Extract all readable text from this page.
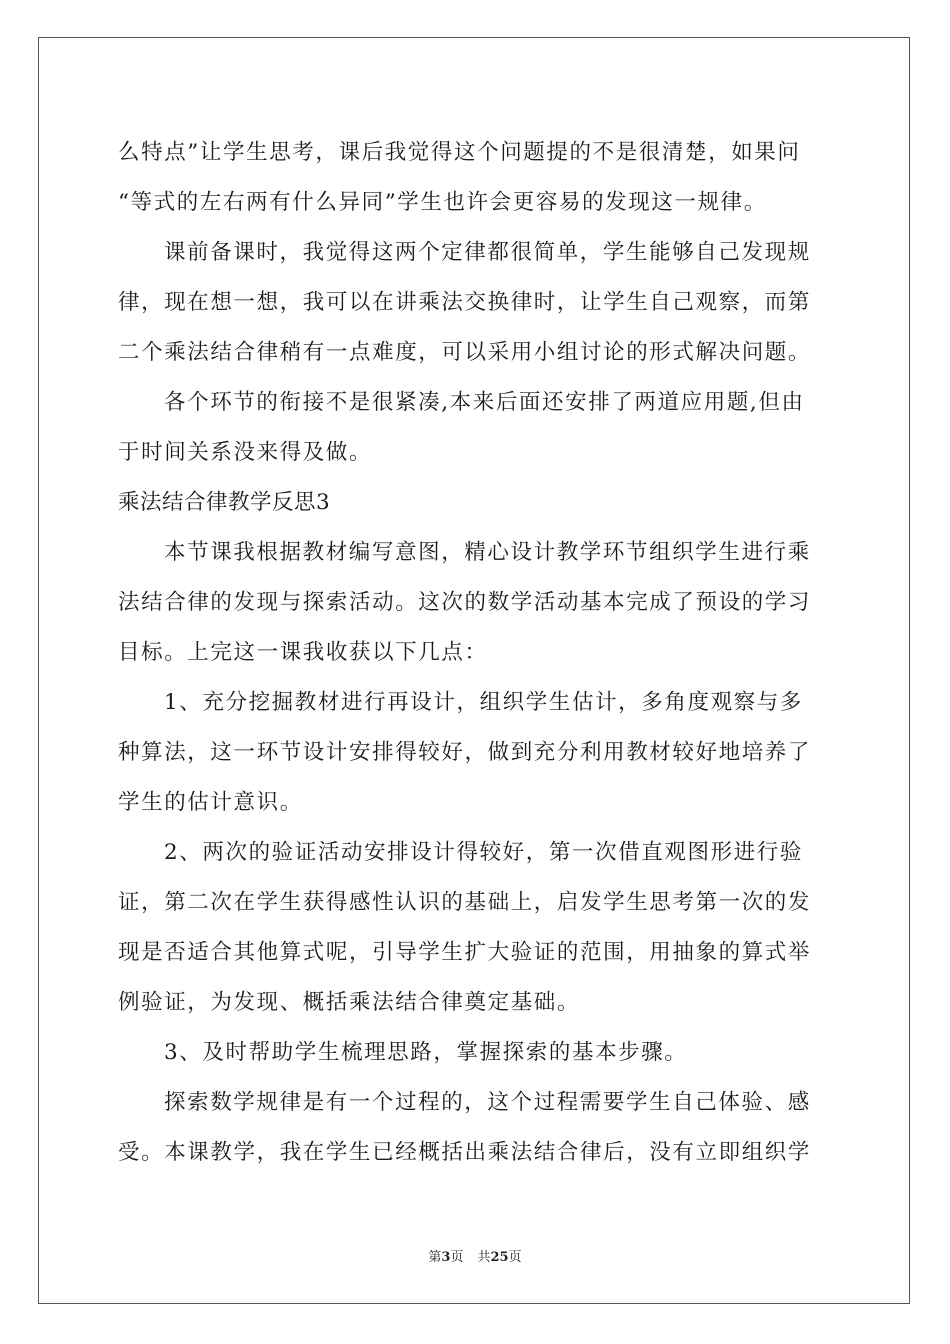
么特点”让学生思考，课后我觉得这个问题提的不是很清楚，如果问
“等式的左右两有什么异同”学生也许会更容易的发现这一规律。
课前备课时，我觉得这两个定律都很简单，学生能够自己发现规
律，现在想一想，我可以在讲乘法交换律时，让学生自己观察，而第
二个乘法结合律稍有一点难度，可以采用小组讨论的形式解决问题。
各个环节的衔接不是很紧凑,本来后面还安排了两道应用题,但由
于时间关系没来得及做。
乘法结合律教学反思3
本节课我根据教材编写意图，精心设计教学环节组织学生进行乘
法结合律的发现与探索活动。这次的数学活动基本完成了预设的学习
目标。上完这一课我收获以下几点：
1、充分挖掘教材进行再设计，组织学生估计，多角度观察与多
种算法，这一环节设计安排得较好，做到充分利用教材较好地培养了
学生的估计意识。
2、两次的验证活动安排设计得较好，第一次借直观图形进行验
证，第二次在学生获得感性认识的基础上，启发学生思考第一次的发
现是否适合其他算式呢，引导学生扩大验证的范围，用抽象的算式举
例验证，为发现、概括乘法结合律奠定基础。
3、及时帮助学生梳理思路，掌握探索的基本步骤。
探索数学规律是有一个过程的，这个过程需要学生自己体验、感
受。本课教学，我在学生已经概括出乘法结合律后，没有立即组织学
第3页 共25页
